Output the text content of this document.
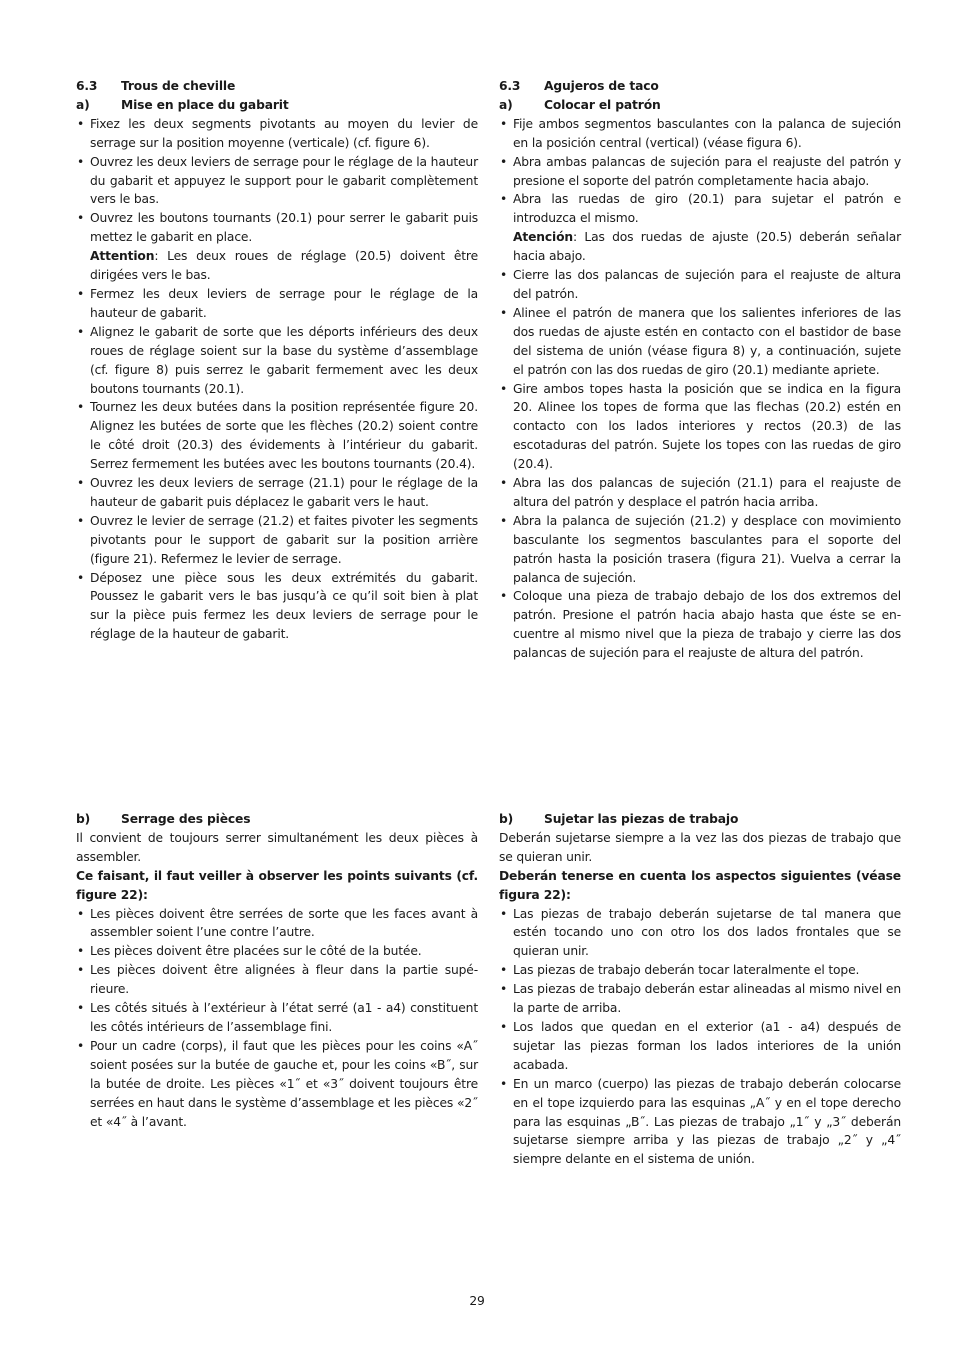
6.3	Trous de cheville
a)	Mise en place du gabarit
• Fixez les deux segments pivotants au moyen du levier de serrage sur la position moyenne (verticale) (cf. figure 6).
• Ouvrez les deux leviers de serrage pour le réglage de la hauteur du gabarit et appuyez le support pour le gabarit complètement vers le bas.
• Ouvrez les boutons tournants (20.1) pour serrer le gabarit puis mettez le gabarit en place.
Attention: Les deux roues de réglage (20.5) doivent être dirigées vers le bas.
• Fermez les deux leviers de serrage pour le réglage de la hauteur de gabarit.
• Alignez le gabarit de sorte que les déports inférieurs des deux roues de réglage soient sur la base du système d’assemblage (cf. figure 8) puis serrez le gabarit fermement avec les deux boutons tournants (20.1).
• Tournez les deux butées dans la position représentée figure 20. Alignez les butées de sorte que les flèches (20.2) soient contre le côté droit (20.3) des évidements à l’intérieur du gabarit. Serrez fermement les butées avec les boutons tournants (20.4).
• Ouvrez les deux leviers de serrage (21.1) pour le réglage de la hauteur de gabarit puis déplacez le gabarit vers le haut.
• Ouvrez le levier de serrage (21.2) et faites pivoter les segments pivotants pour le support de gabarit sur la position arrière (figure 21). Refermez le levier de serrage.
• Déposez une pièce sous les deux extrémités du gabarit. Poussez le gabarit vers le bas jusqu’à ce qu’il soit bien à plat sur la pièce puis fermez les deux leviers de serrage pour le réglage de la hauteur de gabarit.
6.3	Agujeros de taco
a)	Colocar el patrón
• Fije ambos segmentos basculantes con la palanca de sujeción en la posición central (vertical) (véase figura 6).
• Abra ambas palancas de sujeción para el reajuste del patrón y presione el soporte del patrón completamente hacia abajo.
• Abra las ruedas de giro (20.1) para sujetar el patrón e introduzca el mismo.
Atención: Las dos ruedas de ajuste (20.5) deberán señalar hacia abajo.
• Cierre las dos palancas de sujeción para el reajuste de altura del patrón.
• Alinee el patrón de manera que los salientes inferiores de las dos ruedas de ajuste estén en contacto con el bastidor de base del sistema de unión (véase figura 8) y, a continuación, sujete el patrón con las dos ruedas de giro (20.1) mediante apriete.
• Gire ambos topes hasta la posición que se indica en la figura 20. Alinee los topes de forma que las flechas (20.2) estén en contacto con los lados interiores y rectos (20.3) de las escotaduras del patrón. Sujete los topes con las ruedas de giro (20.4).
• Abra las dos palancas de sujeción (21.1) para el reajuste de altura del patrón y desplace el patrón hacia arriba.
• Abra la palanca de sujeción (21.2) y desplace con movimiento basculante los segmentos basculantes para el soporte del patrón hasta la posición trasera (figura 21). Vuelva a cerrar la palanca de sujeción.
• Coloque una pieza de trabajo debajo de los dos extremos del patrón. Presione el patrón hacia abajo hasta que éste se en-cuentre al mismo nivel que la pieza de trabajo y cierre las dos palancas de sujeción para el reajuste de altura del patrón.
b)	Serrage des pièces
Il convient de toujours serrer simultanément les deux pièces à assembler.
Ce faisant, il faut veiller à observer les points suivants (cf. figure 22):
• Les pièces doivent être serrées de sorte que les faces avant à assembler soient l’une contre l’autre.
• Les pièces doivent être placées sur le côté de la butée.
• Les pièces doivent être alignées à fleur dans la partie supé-rieure.
• Les côtés situés à l’extérieur à l’état serré (a1 - a4) constituent les côtés intérieurs de l’assemblage fini.
• Pour un cadre (corps), il faut que les pièces pour les coins «A˝ soient posées sur la butée de gauche et, pour les coins «B˝, sur la butée de droite. Les pièces «1˝ et «3˝ doivent toujours être serrées en haut dans le système d’assemblage et les pièces «2˝ et «4˝ à l’avant.
b)	Sujetar las piezas de trabajo
Deberán sujetarse siempre a la vez las dos piezas de trabajo que se quieran unir.
Deberán tenerse en cuenta los aspectos siguientes (véase figura 22):
• Las piezas de trabajo deberán sujetarse de tal manera que estén tocando uno con otro los dos lados frontales que se quieran unir.
• Las piezas de trabajo deberán tocar lateralmente el tope.
• Las piezas de trabajo deberán estar alineadas al mismo nivel en la parte de arriba.
• Los lados que quedan en el exterior (a1 - a4) después de sujetar las piezas forman los lados interiores de la unión acabada.
• En un marco (cuerpo) las piezas de trabajo deberán colocarse en el tope izquierdo para las esquinas „A˝ y en el tope derecho para las esquinas „B˝. Las piezas de trabajo „1˝ y „3˝ deberán sujetarse siempre arriba y las piezas de trabajo „2˝ y „4˝ siempre delante en el sistema de unión.
29
